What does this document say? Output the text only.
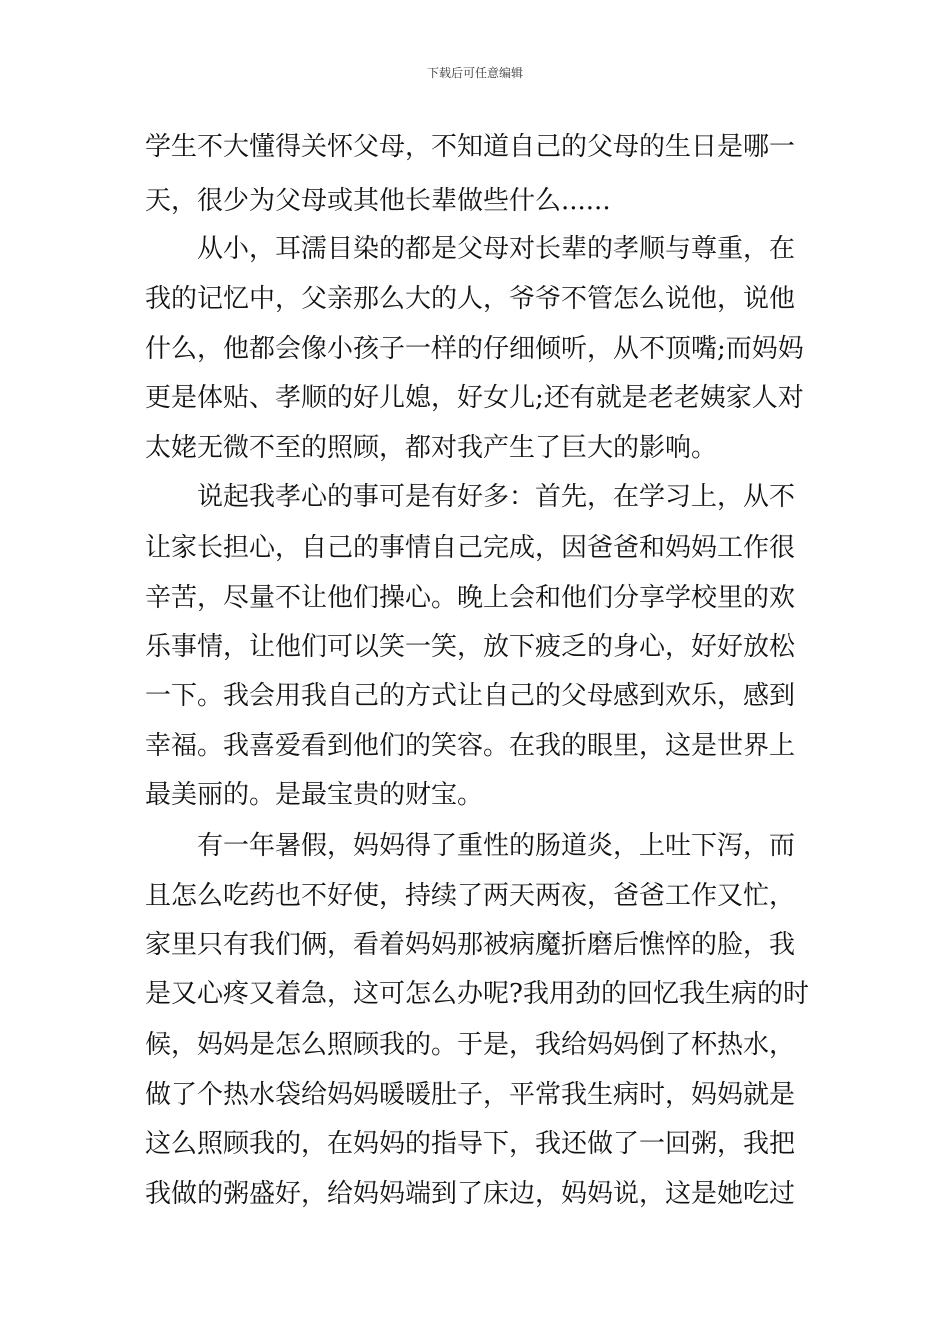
下载后可任意编辑
学生不大懂得关怀父母，不知道自己的父母的生日是哪一
天，很少为父母或其他长辈做些什么......
　　从小，耳濡目染的都是父母对长辈的孝顺与尊重，在
我的记忆中，父亲那么大的人，爷爷不管怎么说他，说他
什么，他都会像小孩子一样的仔细倾听，从不顶嘴;而妈妈
更是体贴、孝顺的好儿媳，好女儿;还有就是老老姨家人对
太姥无微不至的照顾，都对我产生了巨大的影响。
　　说起我孝心的事可是有好多：首先，在学习上，从不
让家长担心，自己的事情自己完成，因爸爸和妈妈工作很
辛苦，尽量不让他们操心。晚上会和他们分享学校里的欢
乐事情，让他们可以笑一笑，放下疲乏的身心，好好放松
一下。我会用我自己的方式让自己的父母感到欢乐，感到
幸福。我喜爱看到他们的笑容。在我的眼里，这是世界上
最美丽的。是最宝贵的财宝。
　　有一年暑假，妈妈得了重性的肠道炎，上吐下泻，而
且怎么吃药也不好使，持续了两天两夜，爸爸工作又忙，
家里只有我们俩，看着妈妈那被病魔折磨后憔悴的脸，我
是又心疼又着急，这可怎么办呢?我用劲的回忆我生病的时
候，妈妈是怎么照顾我的。于是，我给妈妈倒了杯热水，
做了个热水袋给妈妈暖暖肚子，平常我生病时，妈妈就是
这么照顾我的，在妈妈的指导下，我还做了一回粥，我把
我做的粥盛好，给妈妈端到了床边，妈妈说，这是她吃过
